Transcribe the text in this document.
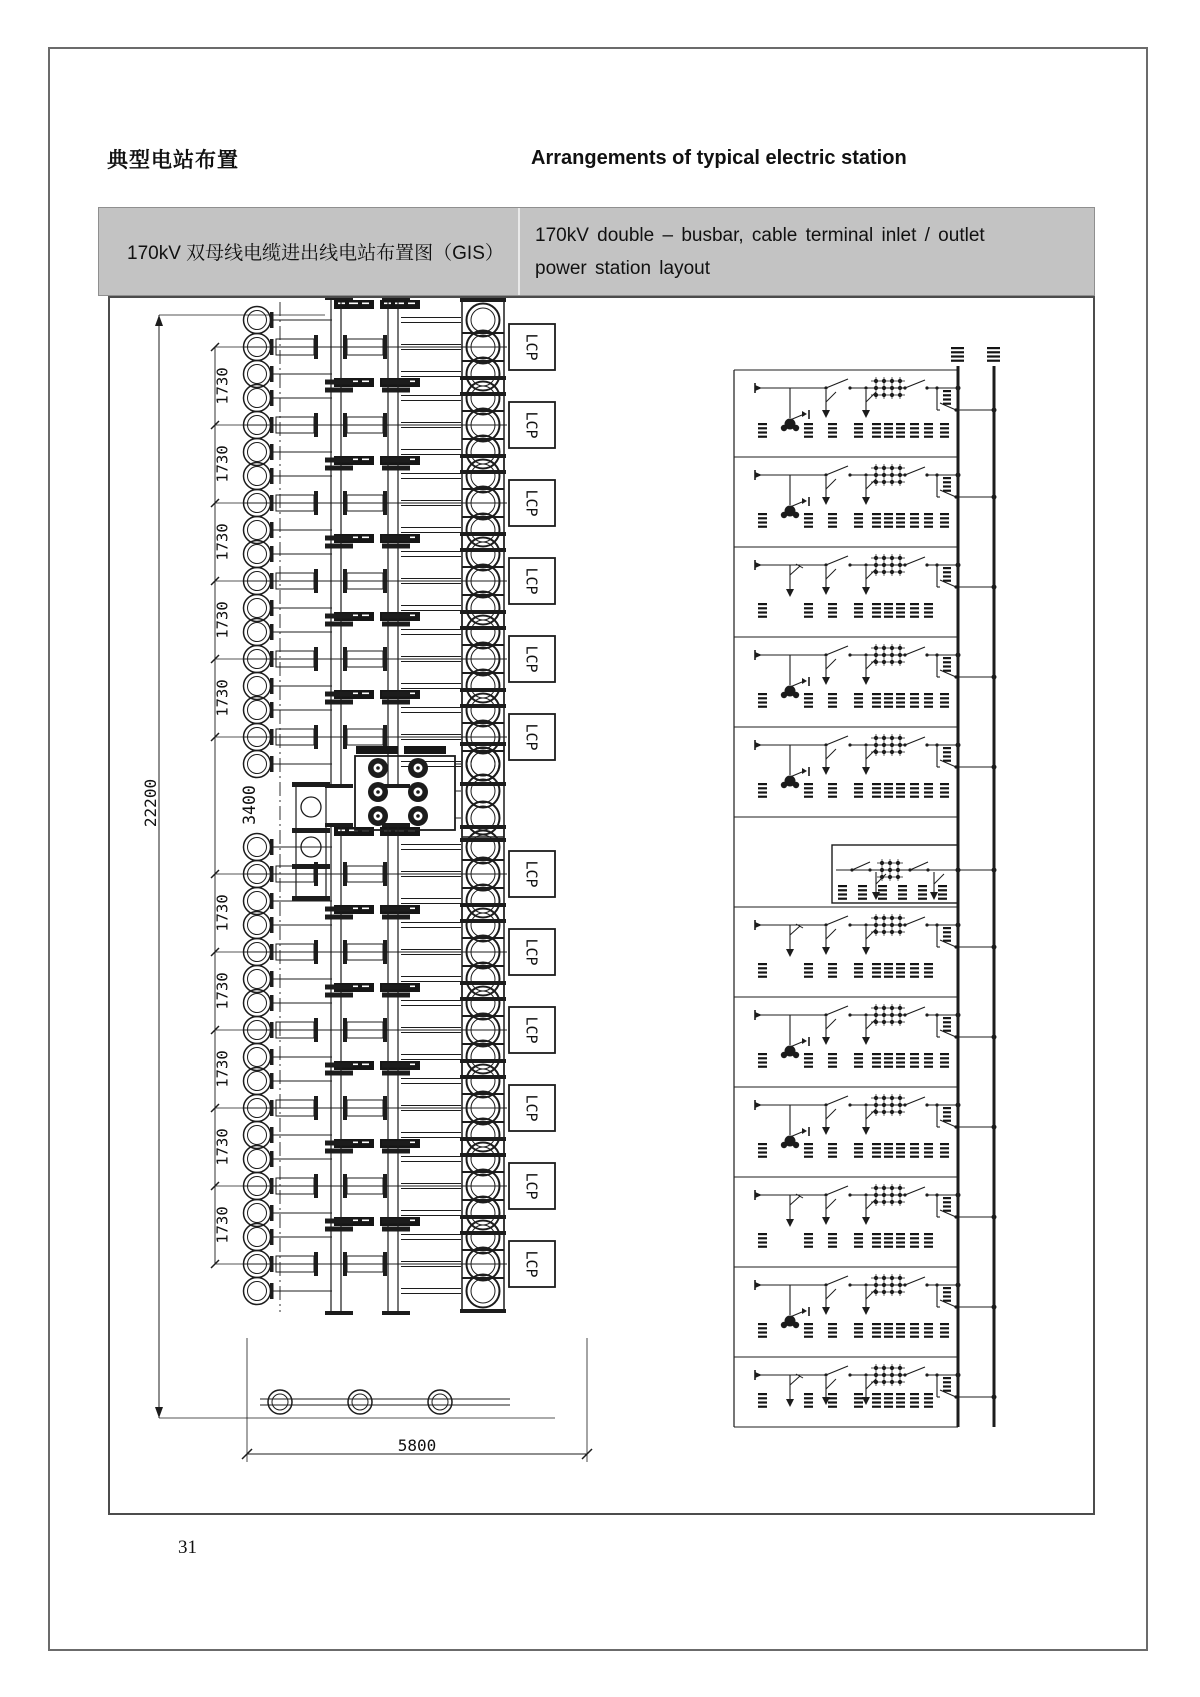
典型电站布置	Arrangements of typical electric station
170kV 双母线电缆进出线电站布置图（GIS）
170kV double – busbar, cable terminal inlet / outlet
power station layout
LCP
LCP
LCP
LCP
LCP
LCP
LCP
LCP
LCP
LCP
LCP
LCP
1730
1730
1730
1730
1730
1730
1730
1730
1730
1730
3400
22200
5800
31
